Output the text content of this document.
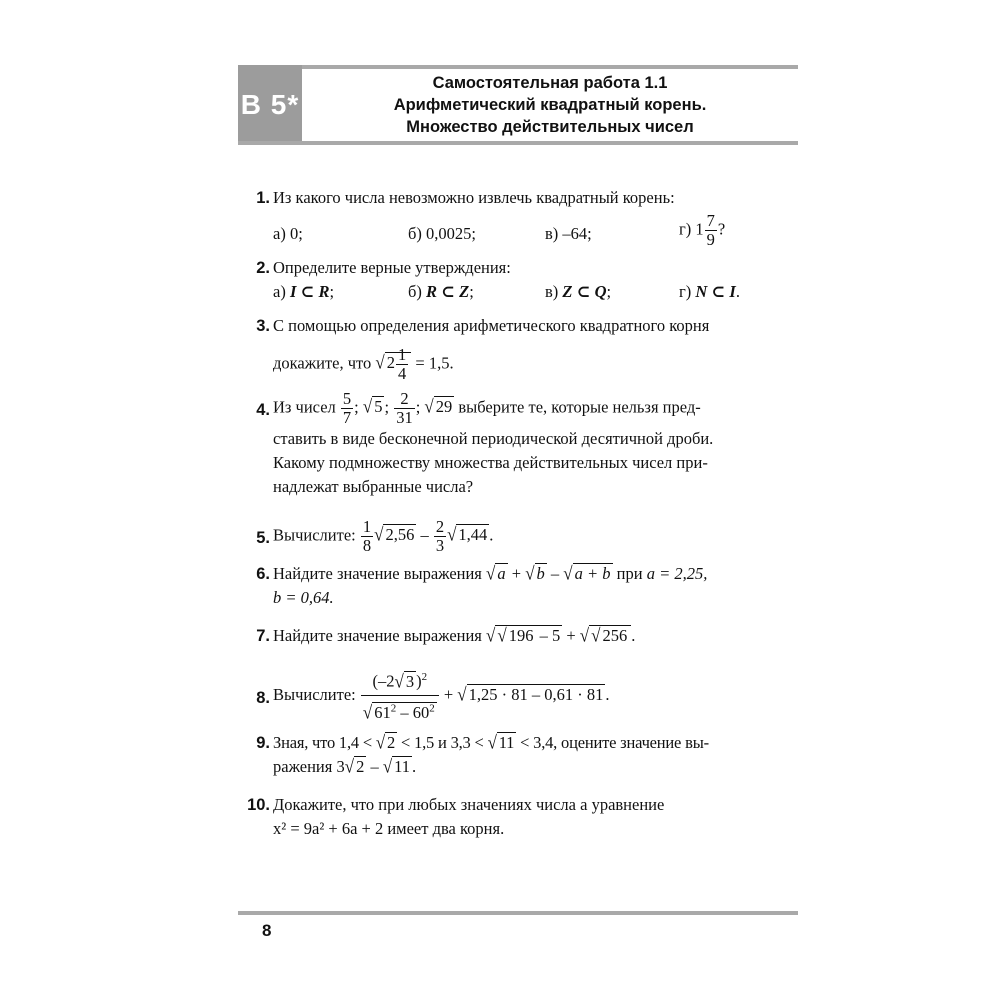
В 5*
Самостоятельная работа 1.1
Арифметический квадратный корень.
Множество действительных чисел
1. Из какого числа невозможно извлечь квадратный корень:
а) 0;	б) 0,0025;	в) –64;	г) $1 \frac{7}{9}$ ?
2. Определите верные утверждения:
а) I ⊂ R;	б) R ⊂ Z;	в) Z ⊂ Q;	г) N ⊂ I.
3. С помощью определения арифметического квадратного корня
докажите, что √ $2 \frac{1}{4} = 1,5$.
4. Из чисел $\frac{5}{7}$ ; √ 5 ; $\frac{2}{31}$ ; √ 29 выберите те, которые нельзя пред-
ставить в виде бесконечной периодической десятичной дроби.
Какому подмножеству множества действительных чисел при-
надлежат выбранные числа?
5. Вычислите: $\frac{1}{8}$ √ $2,56 - \frac{2}{3}$ √ 1,44 .
6. Найдите значение выражения √ a + √ b – √ a + b при a = 2,25,
b = 0,64.
7. Найдите значение выражения √ √ 196 – 5 + √ √ 256 .
8. Вычислите: $\frac{(-2√ 3 )^2}{√ 61^2 - 60^2}$ + √ 1,25 · 81 – 0,61 · 81 .
9. Зная, что 1,4 < √ 2 < 1,5 и 3,3 < √ 11 < 3,4, оцените значение вы-
ражения 3√ 2 – √ 11 .
10. Докажите, что при любых значениях числа a уравнение
x² = 9a² + 6a + 2 имеет два корня.
8
